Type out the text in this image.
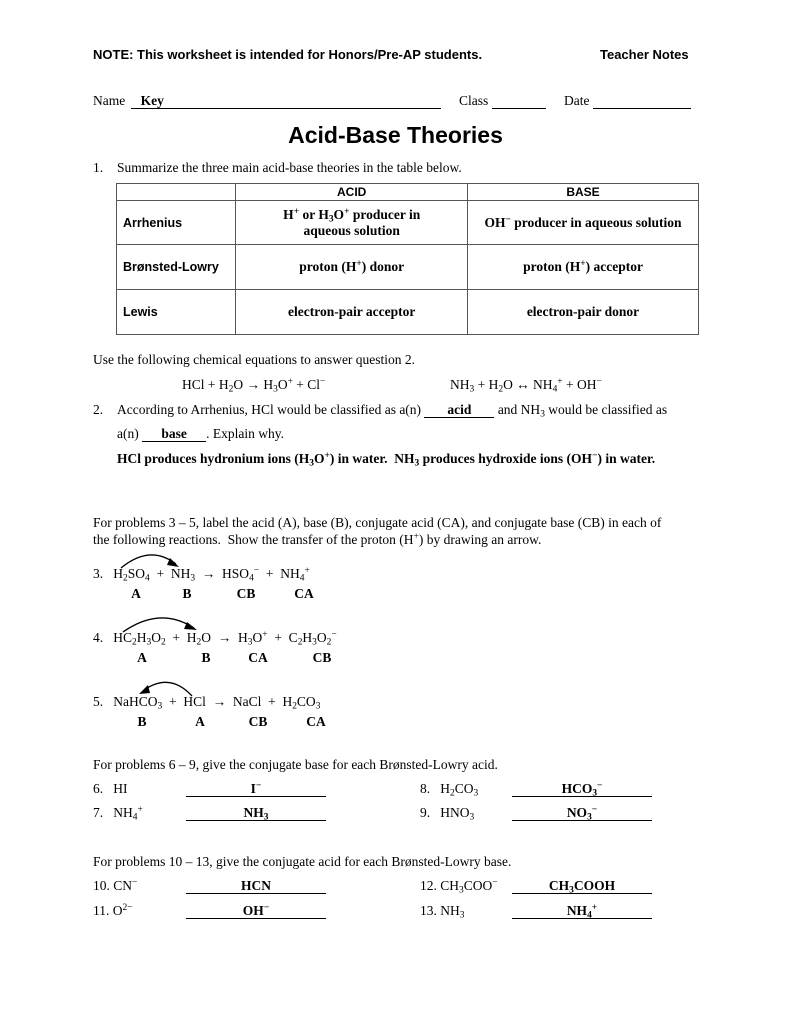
NOTE: This worksheet is intended for Honors/Pre-AP students.	Teacher Notes
Name Key	Class	Date
Acid-Base Theories
1. Summarize the three main acid-base theories in the table below.
	ACID	BASE
Arrhenius	H+ or $H_3O^+$ producer in aqueous solution	OH− producer in aqueous solution
Brønsted-Lowry	proton (H+) donor	proton (H+) acceptor
Lewis	electron-pair acceptor	electron-pair donor
Use the following chemical equations to answer question 2.
HCl + $H_2O \to H_3O^+ + Cl^-$	$NH_3 + H_2O$ ↔ $NH_4^+ + OH^-$
2. According to Arrhenius, HCl would be classified as a(n) acid and $NH_3$ would be classified as
a(n) base . Explain why.
HCl produces hydronium ions $(H_3O^+)$ in water.  $NH_3$ produces hydroxide ions (OH−) in water.
For problems 3 – 5, label the acid (A), base (B), conjugate acid (CA), and conjugate base (CB) in each of
the following reactions.  Show the transfer of the proton (H+) by drawing an arrow.
3.   $H_2SO_4 + NH_3 \to HSO_4^- + NH_4^+$
A	B	CB	CA
4.   $HC_2H_3O_2 + H_2O \to H_3O^+ + C_2H_3O_2^-$
A	B	CA	CB
5.   NaHCO$_3$  +  HCl  →  NaCl  +  $H_2CO_3$
B	A	CB	CA
For problems 6 – 9, give the conjugate base for each Brønsted-Lowry acid.
6.   HI	I−
7.   $NH_4^+$	$NH_3$
8.   $H_2CO_3$	$HCO_3^-$
9.   $HNO_3$	$NO_3^-$
For problems 10 – 13, give the conjugate acid for each Brønsted-Lowry base.
10. CN−	HCN
11. $O^{2-}$	OH−
12. $CH_3COO^-$	$CH_3COOH$
13. $NH_3$	$NH_4^+$
